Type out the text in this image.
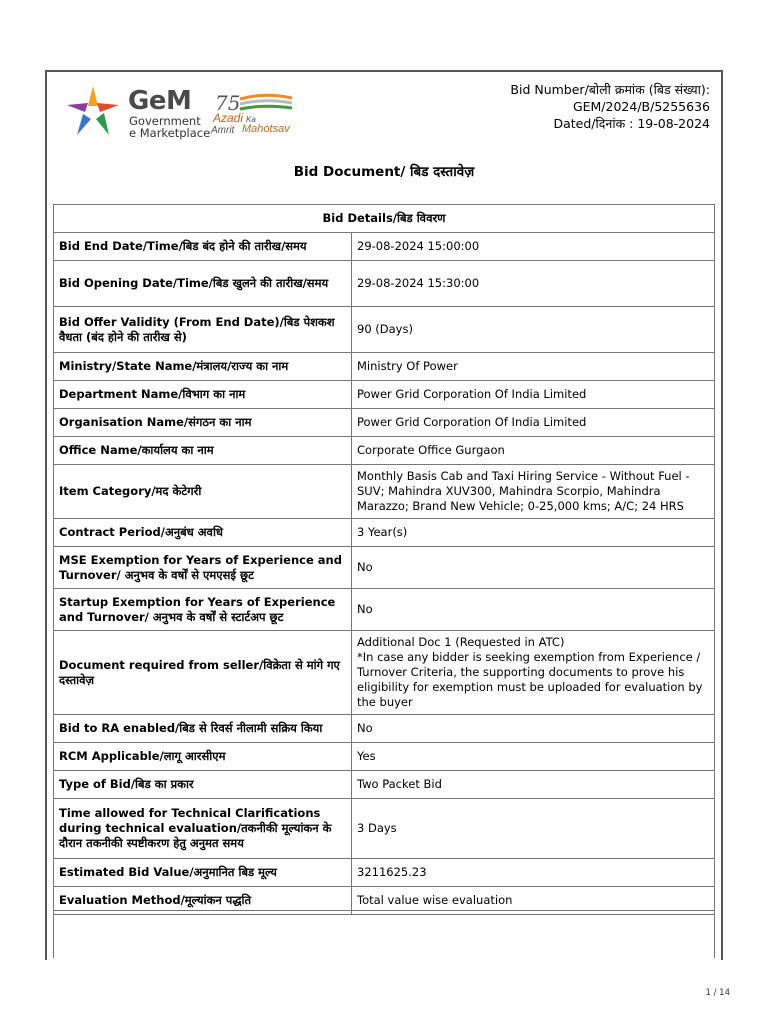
GeM
Government
e Marketplace
75
Azadi Ka
Amrit Mahotsav
Bid Number/बोली क्रमांक (बिड संख्या):
GEM/2024/B/5255636
Dated/दिनांक : 19-08-2024
Bid Document/ बिड दस्तावेज़
Bid Details/बिड विवरण	
Bid End Date/Time/बिड बंद होने की तारीख/समय	29-08-2024 15:00:00
Bid Opening Date/Time/बिड खुलने की तारीख/समय	29-08-2024 15:30:00
Bid Offer Validity (From End Date)/बिड पेशकश वैधता (बंद होने की तारीख से)	90 (Days)
Ministry/State Name/मंत्रालय/राज्य का नाम	Ministry Of Power
Department Name/विभाग का नाम	Power Grid Corporation Of India Limited
Organisation Name/संगठन का नाम	Power Grid Corporation Of India Limited
Office Name/कार्यालय का नाम	Corporate Office Gurgaon
Item Category/मद केटेगरी	Monthly Basis Cab and Taxi Hiring Service - Without Fuel - SUV; Mahindra XUV300, Mahindra Scorpio, Mahindra Marazzo; Brand New Vehicle; 0-25,000 kms; A/C; 24 HRS
Contract Period/अनुबंध अवधि	3 Year(s)
MSE Exemption for Years of Experience and Turnover/ अनुभव के वर्षों से एमएसई छूट	No
Startup Exemption for Years of Experience and Turnover/ अनुभव के वर्षों से स्टार्टअप छूट	No
Document required from seller/विक्रेता से मांगे गए दस्तावेज़	Additional Doc 1 (Requested in ATC)
*In case any bidder is seeking exemption from Experience / Turnover Criteria, the supporting documents to prove his eligibility for exemption must be uploaded for evaluation by the buyer
Bid to RA enabled/बिड से रिवर्स नीलामी सक्रिय किया	No
RCM Applicable/लागू आरसीएम	Yes
Type of Bid/बिड का प्रकार	Two Packet Bid
Time allowed for Technical Clarifications during technical evaluation/तकनीकी मूल्यांकन के दौरान तकनीकी स्पष्टीकरण हेतु अनुमत समय	3 Days
Estimated Bid Value/अनुमानित बिड मूल्य	3211625.23
Evaluation Method/मूल्यांकन पद्धति	Total value wise evaluation
1 / 14
